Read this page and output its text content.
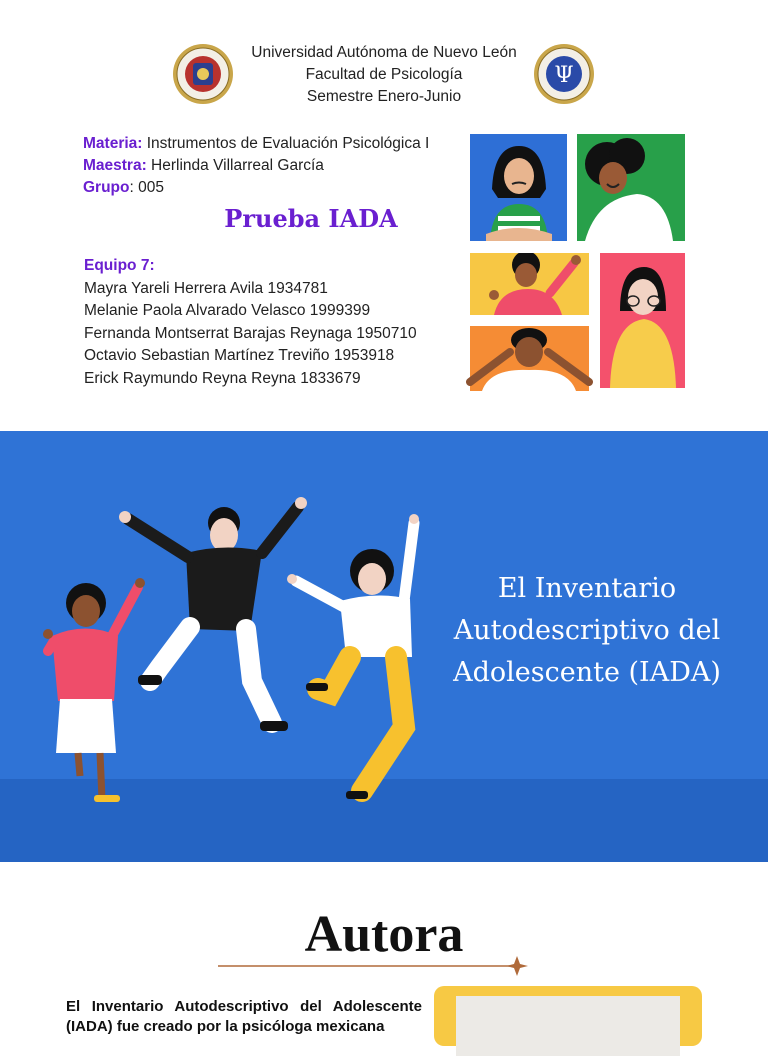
Universidad Autónoma de Nuevo León
Facultad de Psicología
Semestre Enero-Junio
Ψ
Materia: Instrumentos de Evaluación Psicológica I
Maestra: Herlinda Villarreal García
Grupo: 005
Prueba IADA
Equipo 7:
Mayra Yareli Herrera Avila 1934781
Melanie Paola Alvarado Velasco 1999399
Fernanda Montserrat Barajas Reynaga 1950710
Octavio Sebastian Martínez Treviño 1953918
Erick Raymundo Reyna Reyna 1833679
El Inventario
Autodescriptivo del
Adolescente (IADA)
Autora
El Inventario Autodescriptivo del Adolescente (IADA) fue creado por la psicóloga mexicana
